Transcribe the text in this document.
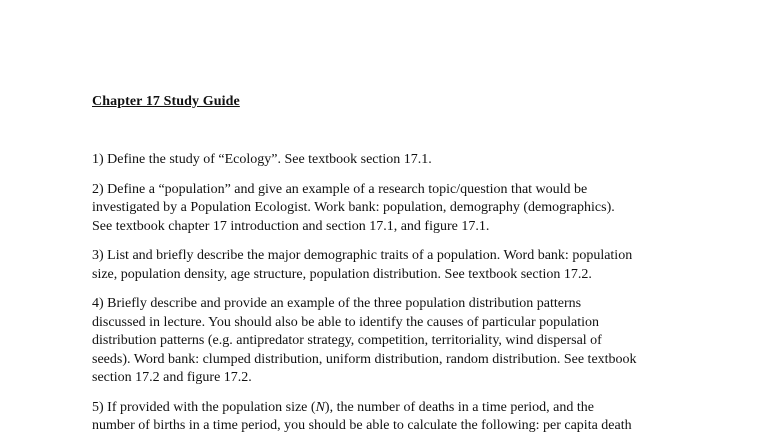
Chapter 17 Study Guide

1) Define the study of “Ecology”. See textbook section 17.1.

2) Define a “population” and give an example of a research topic/question that would be
investigated by a Population Ecologist. Work bank: population, demography (demographics).
See textbook chapter 17 introduction and section 17.1, and figure 17.1.

3) List and briefly describe the major demographic traits of a population. Word bank: population
size, population density, age structure, population distribution. See textbook section 17.2.

4) Briefly describe and provide an example of the three population distribution patterns
discussed in lecture. You should also be able to identify the causes of particular population
distribution patterns (e.g. antipredator strategy, competition, territoriality, wind dispersal of
seeds). Word bank: clumped distribution, uniform distribution, random distribution. See textbook
section 17.2 and figure 17.2.

5) If provided with the population size (N), the number of deaths in a time period, and the
number of births in a time period, you should be able to calculate the following: per capita death
